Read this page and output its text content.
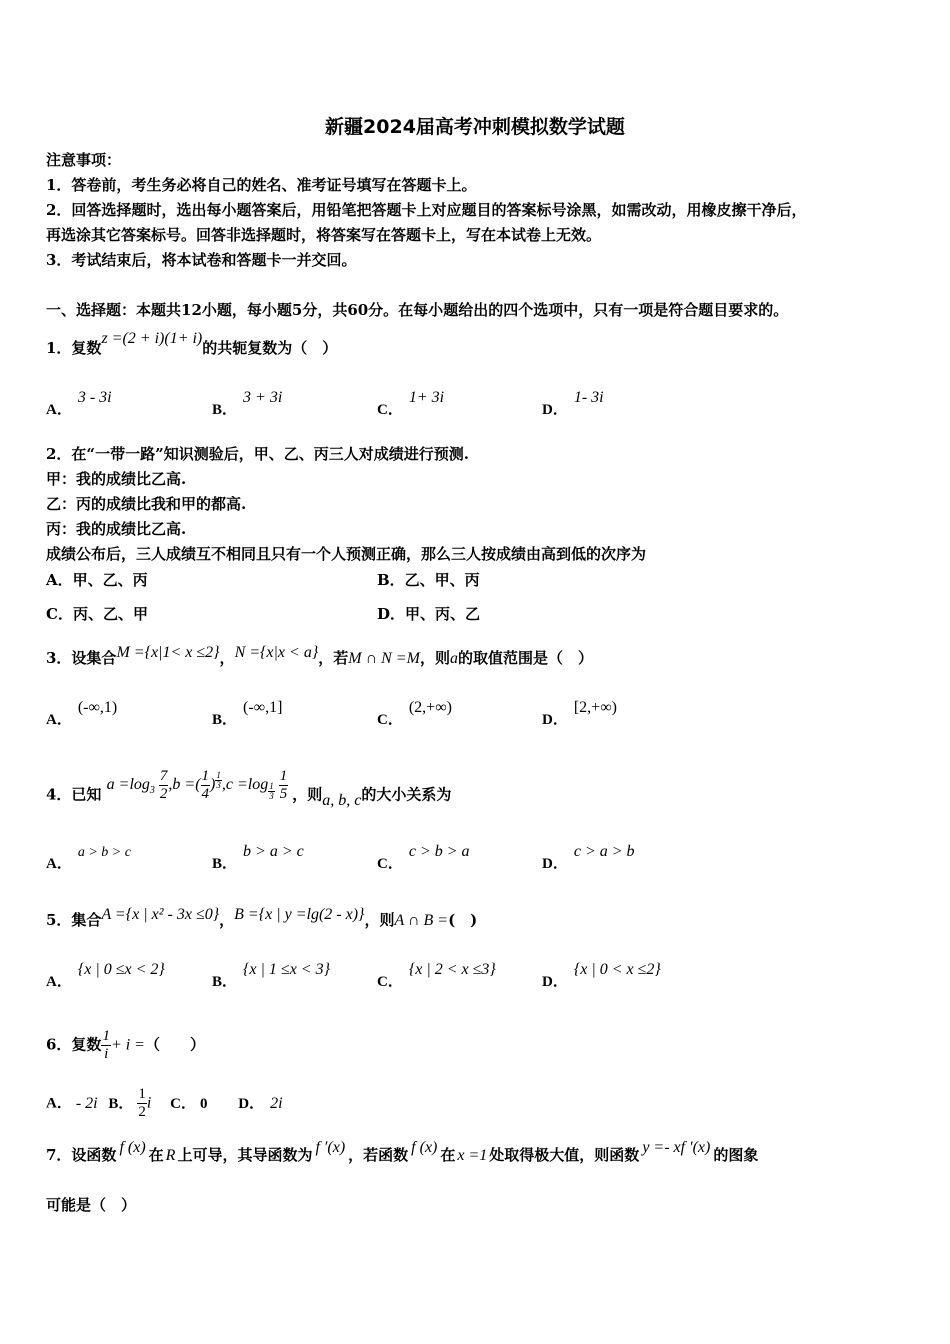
新疆2024届高考冲刺模拟数学试题
注意事项：
1．答卷前，考生务必将自己的姓名、准考证号填写在答题卡上。
2．回答选择题时，选出每小题答案后，用铅笔把答题卡上对应题目的答案标号涂黑，如需改动，用橡皮擦干净后，
再选涂其它答案标号。回答非选择题时，将答案写在答题卡上，写在本试卷上无效。
3．考试结束后，将本试卷和答题卡一并交回。
一、选择题：本题共12小题，每小题5分，共60分。在每小题给出的四个选项中，只有一项是符合题目要求的。
1．复数z =(2 + i)(1+ i)的共轭复数为（　）
A．3 - 3i
B．3 + 3i
C．1+ 3i
D．1- 3i
2．在“一带一路”知识测验后，甲、乙、丙三人对成绩进行预测.
甲：我的成绩比乙高.
乙：丙的成绩比我和甲的都高.
丙：我的成绩比乙高.
成绩公布后，三人成绩互不相同且只有一个人预测正确，那么三人按成绩由高到低的次序为
A．甲、乙、丙	B．乙、甲、丙
C．丙、乙、甲	D．甲、丙、乙
3．设集合M ={x|1< x ≤2}，N ={x|x < a}，若M ∩ N =M，则a的取值范围是（　）
A．(-∞,1)
B．(-∞,1]
C．(2,+∞)
D．[2,+∞)
4．已知 $a =\log_3 \frac{7}{2} ,b$ =( $\frac{1}{4}$ ) $^{\frac{1}{3}}$ ,c =log $_{\frac{1}{3}}$
$\frac{1}{5}$ ，则a, b, c的大小关系为
A．a > b > c
B．b > a > c
C．c > b > a
D．c > a > b
5．集合A ={x | x² - 3x ≤0}，B ={x | y =lg(2 - x)}，则A ∩ B =(　)
A．{x | 0 ≤x < 2}
B．{x | 1 ≤x < 3}
C．{x | 2 < x ≤3}
D．{x | 0 < x ≤2}
6．复数 $\frac{1}{i} + i$ =（　　）
A． - 2i B． $\frac{1}{2}$ i C． 0 D． 2i
7．设函数 f (x) 在 R 上可导，其导函数为 f ′(x) ，若函数 f (x) 在 x =1 处取得极大值，则函数 y =- xf ′(x) 的图象
可能是（　）
